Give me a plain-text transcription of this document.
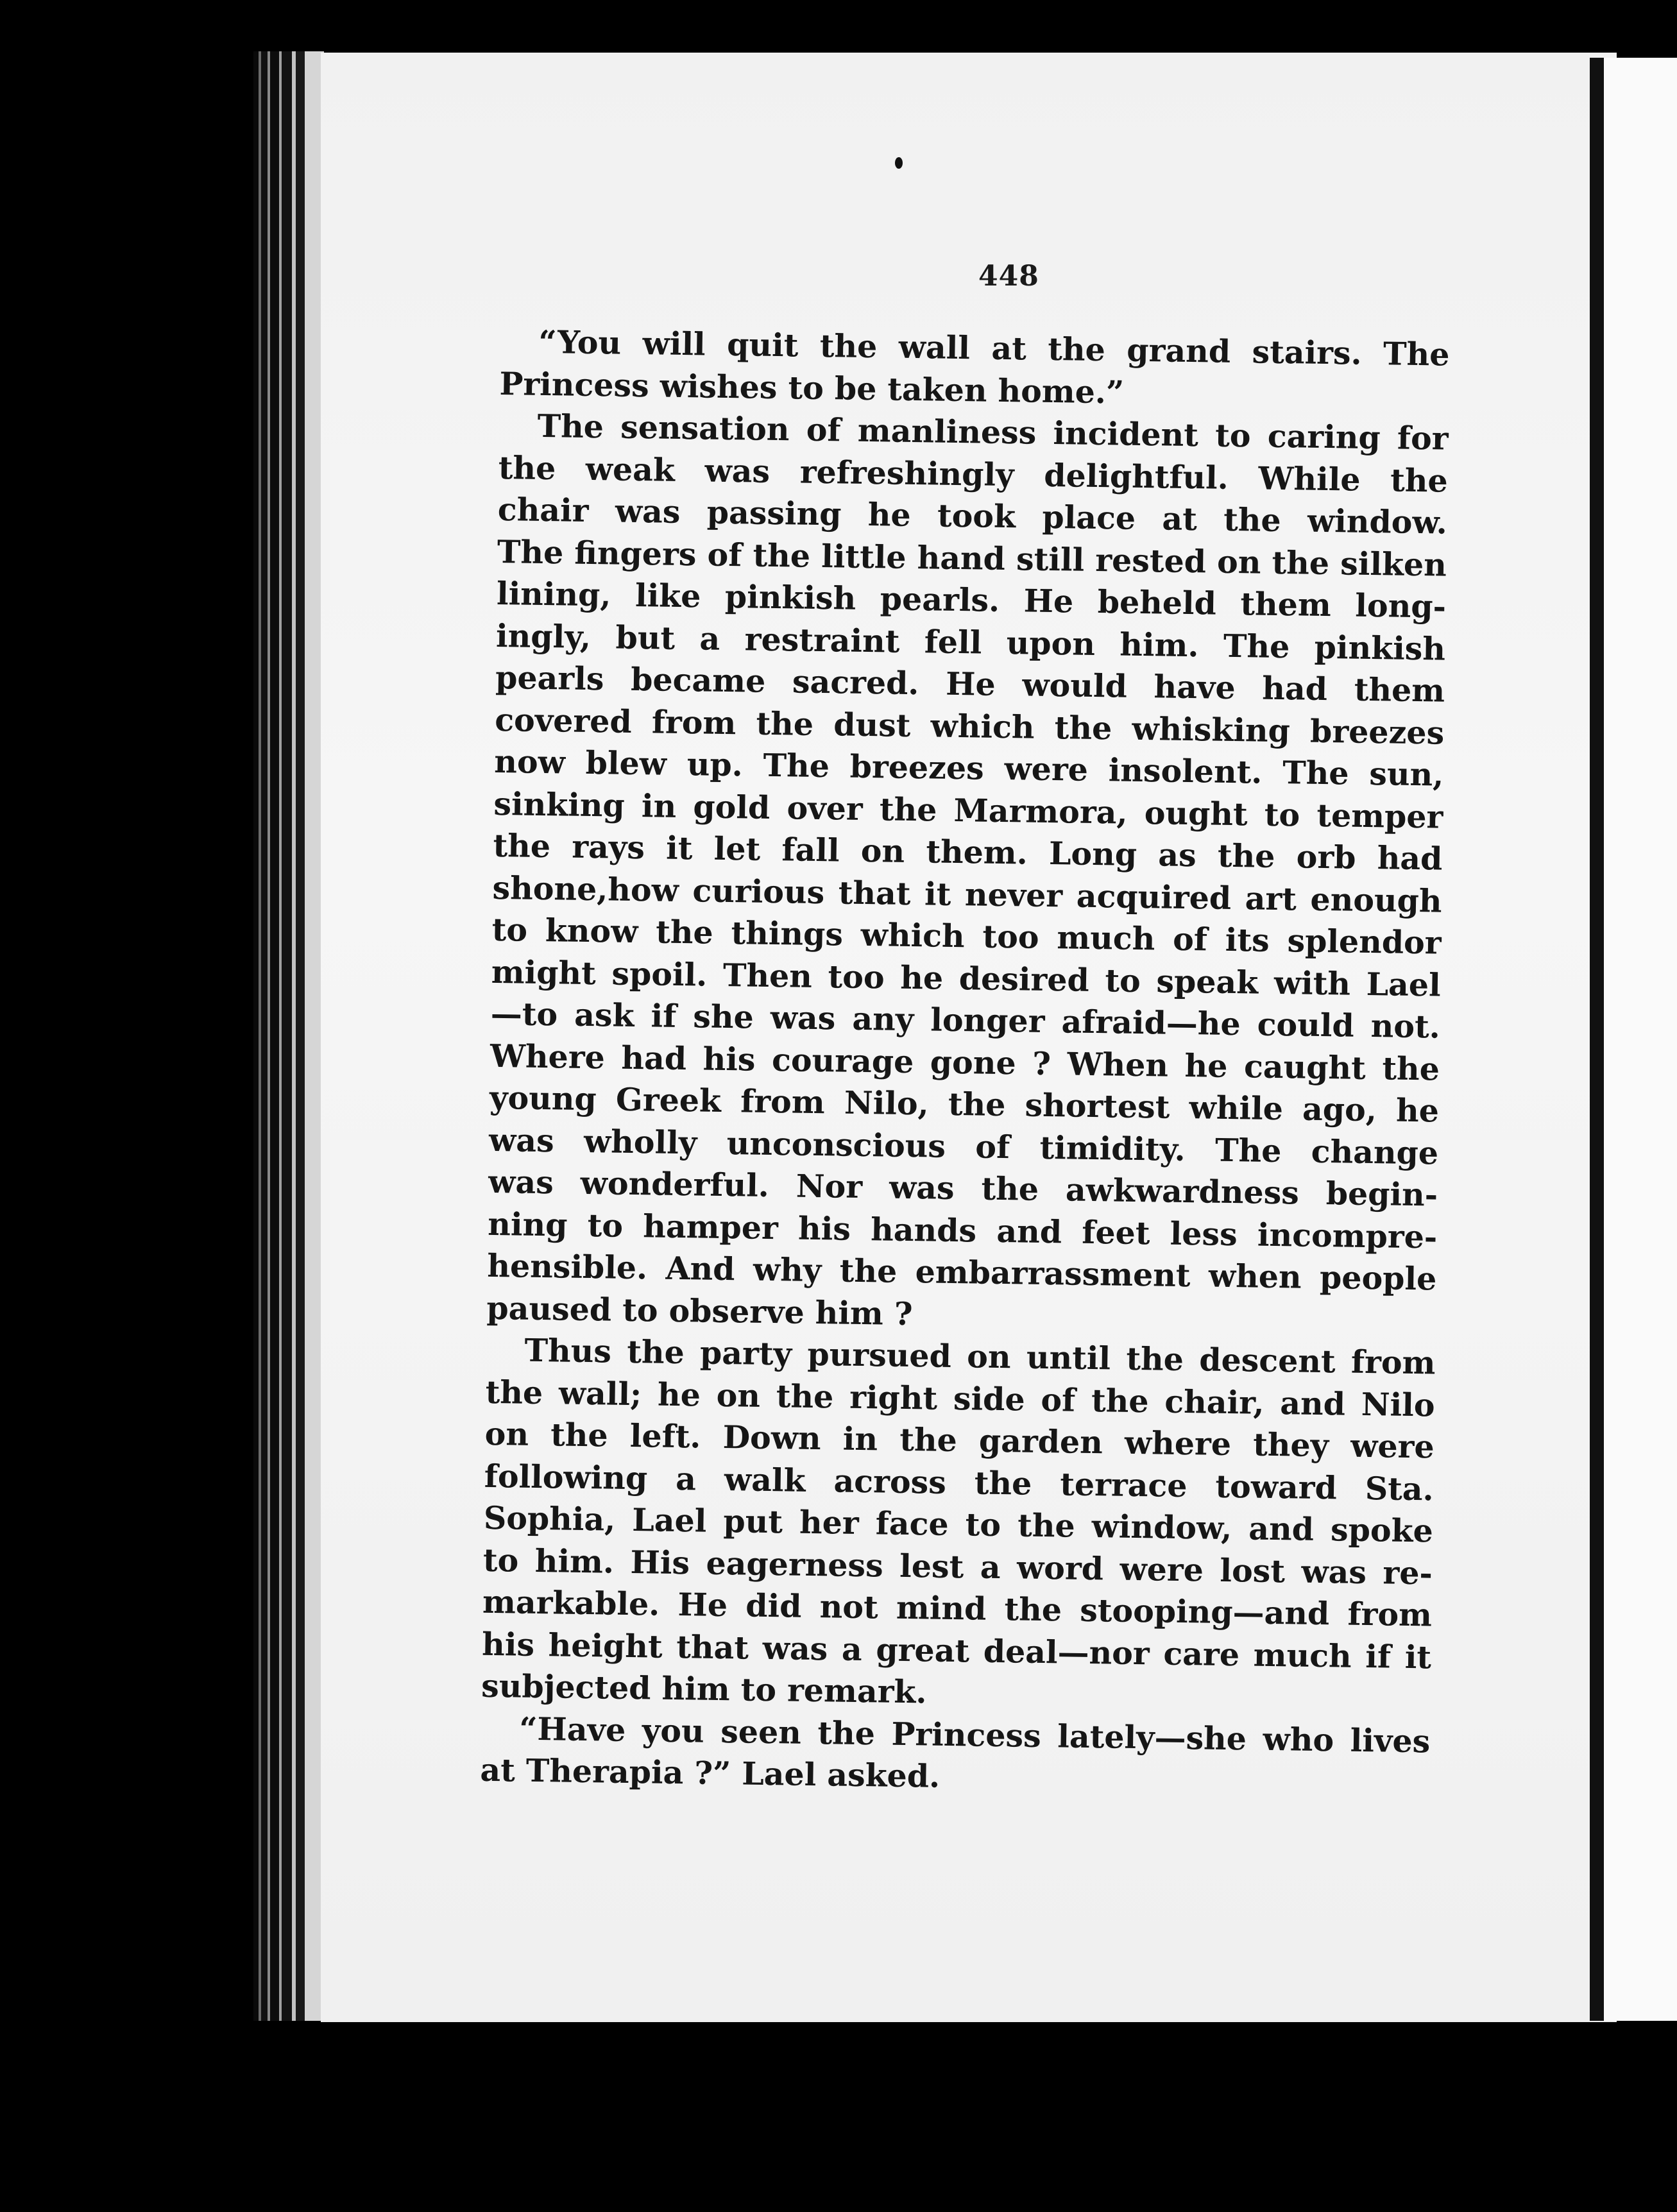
448
“You will quit the wall at the grand stairs. The
Princess wishes to be taken home.”
The sensation of manliness incident to caring for
the weak was refreshingly delightful. While the
chair was passing he took place at the window.
The fingers of the little hand still rested on the silken
lining, like pinkish pearls. He beheld them long-
ingly, but a restraint fell upon him. The pinkish
pearls became sacred. He would have had them
covered from the dust which the whisking breezes
now blew up. The breezes were insolent. The sun,
sinking in gold over the Marmora, ought to temper
the rays it let fall on them. Long as the orb had
shone,how curious that it never acquired art enough
to know the things which too much of its splendor
might spoil. Then too he desired to speak with Lael
—to ask if she was any longer afraid—he could not.
Where had his courage gone ? When he caught the
young Greek from Nilo, the shortest while ago, he
was wholly unconscious of timidity. The change
was wonderful. Nor was the awkwardness begin-
ning to hamper his hands and feet less incompre-
hensible. And why the embarrassment when people
paused to observe him ?
Thus the party pursued on until the descent from
the wall; he on the right side of the chair, and Nilo
on the left. Down in the garden where they were
following a walk across the terrace toward Sta.
Sophia, Lael put her face to the window, and spoke
to him. His eagerness lest a word were lost was re-
markable. He did not mind the stooping—and from
his height that was a great deal—nor care much if it
subjected him to remark.
“Have you seen the Princess lately—she who lives
at Therapia ?” Lael asked.
